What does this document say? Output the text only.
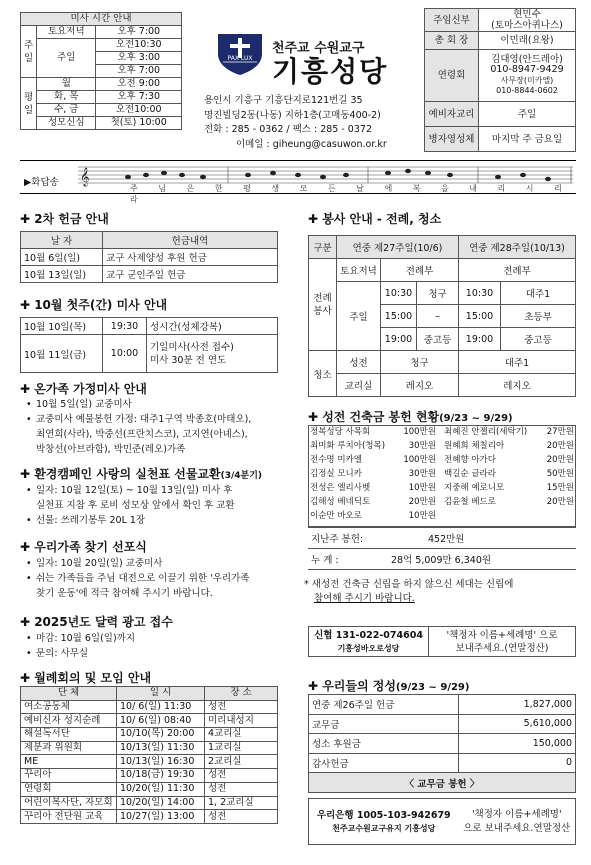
미사 시간 안내		
주
일	토요저녁	오후 7:00
	주일	오전10:30
		오후 3:00
		오후 7:00
평
일	월	오전 9:00
	화, 목	오후 7:30
	수, 금	오전10:00
	성모신심	첫(토) 10:00
PAX LUX
천주교 수원교구
기흥성당
용인시 기흥구 기흥단지로121번길 35
명진빌딩2동(나동) 지하1층(고매동400-2)
전화 : 285 - 0362 / 팩스 : 285 - 0372
이메일 : giheung@casuwon.or.kr
주임신부	현민수
(토마스아퀴나스)
총 회 장	이민래(요왕)
연령회	김대영(안드레아)
010-8947-9429
사무장(미카엘)
010-8844-0602
예비자교리	주일
병자영성체	마지막 주 금요일
▶화답송 𝄞
주 님 은 한 평 생 모 든 날 에 복 을 내 리 시 리 라
✚ 2차 헌금 안내
날 자	헌금내역
10월 6일(일)	교구 사제양성 후원 헌금
10월 13일(일)	교구 군인주일 헌금
✚ 10월 첫주(간) 미사 안내
10월 10일(목)	19:30	성시간(성체강복)
10월 11일(금)	10:00	기일미사(사전 접수)
미사 30분 전 연도
✚ 온가족 가정미사 안내
• 10월 5일(일) 교중미사
• 교중미사 예물봉헌 가정: 대주1구역 박종호(마태오),
최연희(사라), 박중선(프란치스코), 고지연(아녜스),
박창선(아브라함), 박민준(레오)가족
✚ 환경캠페인 사랑의 실천표 선물교환(3/4분기)
• 일자: 10월 12일(토) ~ 10월 13일(일) 미사 후
실천표 지참 후 로비 성모상 앞에서 확인 후 교환
• 선물: 쓰레기봉투 20L 1장
✚ 우리가족 찾기 선포식
• 일자: 10월 20일(일) 교중미사
• 쉬는 가족들을 주님 대전으로 이끌기 위한 '우리가족
찾기 운동'에 적극 참여해 주시기 바랍니다.
✚ 2025년도 달력 광고 접수
• 마감: 10월 6일(일)까지
• 문의: 사무실
✚ 월례회의 및 모임 안내
단 체	일 시	장 소
여소공동체	10/ 6(일) 11:30	성전
예비신자 성지순례	10/ 6(일) 08:40	미리내성지
해설독서단	10/10(목) 20:00	4교리실
제분과 위원회	10/13(일) 11:30	1교리실
ME	10/13(일) 16:30	2교리실
꾸리아	10/18(금) 19:30	성전
연령회	10/20(일) 11:30	성전
어린이복사단, 자모회	10/20(일) 14:00	1, 2교리실
꾸리아 전단원 교육	10/27(일) 13:00	성전
✚ 봉사 안내 - 전례, 청소
구분	연중 제27주일(10/6)			연중 제28주일(10/13)	
전례
봉사	토요저녁	전례부		전례부	
	주일	10:30	청구	10:30	대주1
		15:00	–	15:00	초등부
		19:00	중고등	19:00	중고등
청소	성전	청구		대주1	
	교리실	레지오		레지오	
✚ 성전 건축금 봉헌 현황(9/23 ~ 9/29)
정복성당 사목회	100만원	최혜진 안젤리(세탁기)	27만원
최미화 루치아(청목)	30만원	원혜희 체칠리아	20만원
전수명 미카엘	100만원	전혜향 아가다	20만원
김정실 모니카	30만원	백길순 글라라	50만원
전성은 엘리사벳	10만원	지중해 예로니모	15만원
김해성 베네딕토	20만원	김윤철 베드로	20만원
이순만 바오로	10만원		
지난주 봉헌:	452만원
누 계 :	28억 5,009만 6,340원
* 새성전 건축금 신립을 하지 않으신 세대는 신립에
참여해 주시기 바랍니다.
신협 131-022-074604
기흥성바오로성당	'책정자 이름+세례명' 으로
보내주세요.(연말정산)
✚ 우리들의 정성(9/23 ~ 9/29)
연중 제26주일 헌금	1,827,000
교무금	5,610,000
성소 후원금	150,000
감사헌금	0
〈 교무금 봉헌 〉	
우리은행 1005-103-942679
천주교수원교구유지 기흥성당	'책정자 이름+세례명'
으로 보내주세요.연말정산
